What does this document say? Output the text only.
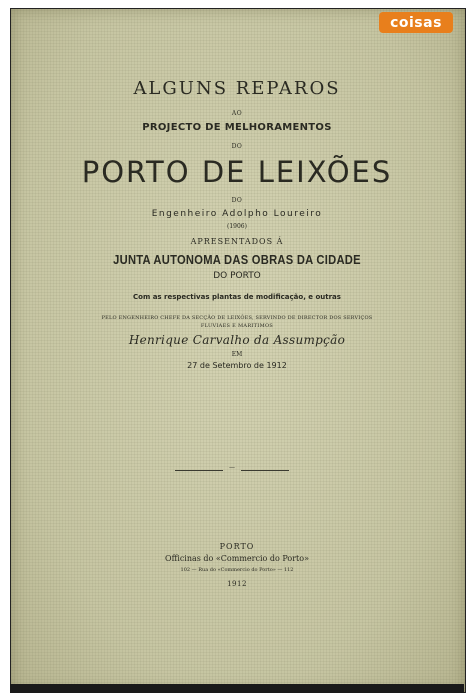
coisas
ALGUNS REPAROS
AO
PROJECTO DE MELHORAMENTOS
DO
PORTO DE LEIXÕES
DO
Engenheiro Adolpho Loureiro
(1906)
APRESENTADOS Á
JUNTA AUTONOMA DAS OBRAS DA CIDADE
DO PORTO
Com as respectivas plantas de modificação, e outras
PELO ENGENHEIRO CHEFE DA SECÇÃO DE LEIXÕES, SERVINDO DE DIRECTOR DOS SERVIÇOS
FLUVIAES E MARITIMOS
Henrique Carvalho da Assumpção
EM
27 de Setembro de 1912
—
PORTO
Officinas do «Commercio do Porto»
102 — Rua do «Commercio do Porto» — 112
1912
